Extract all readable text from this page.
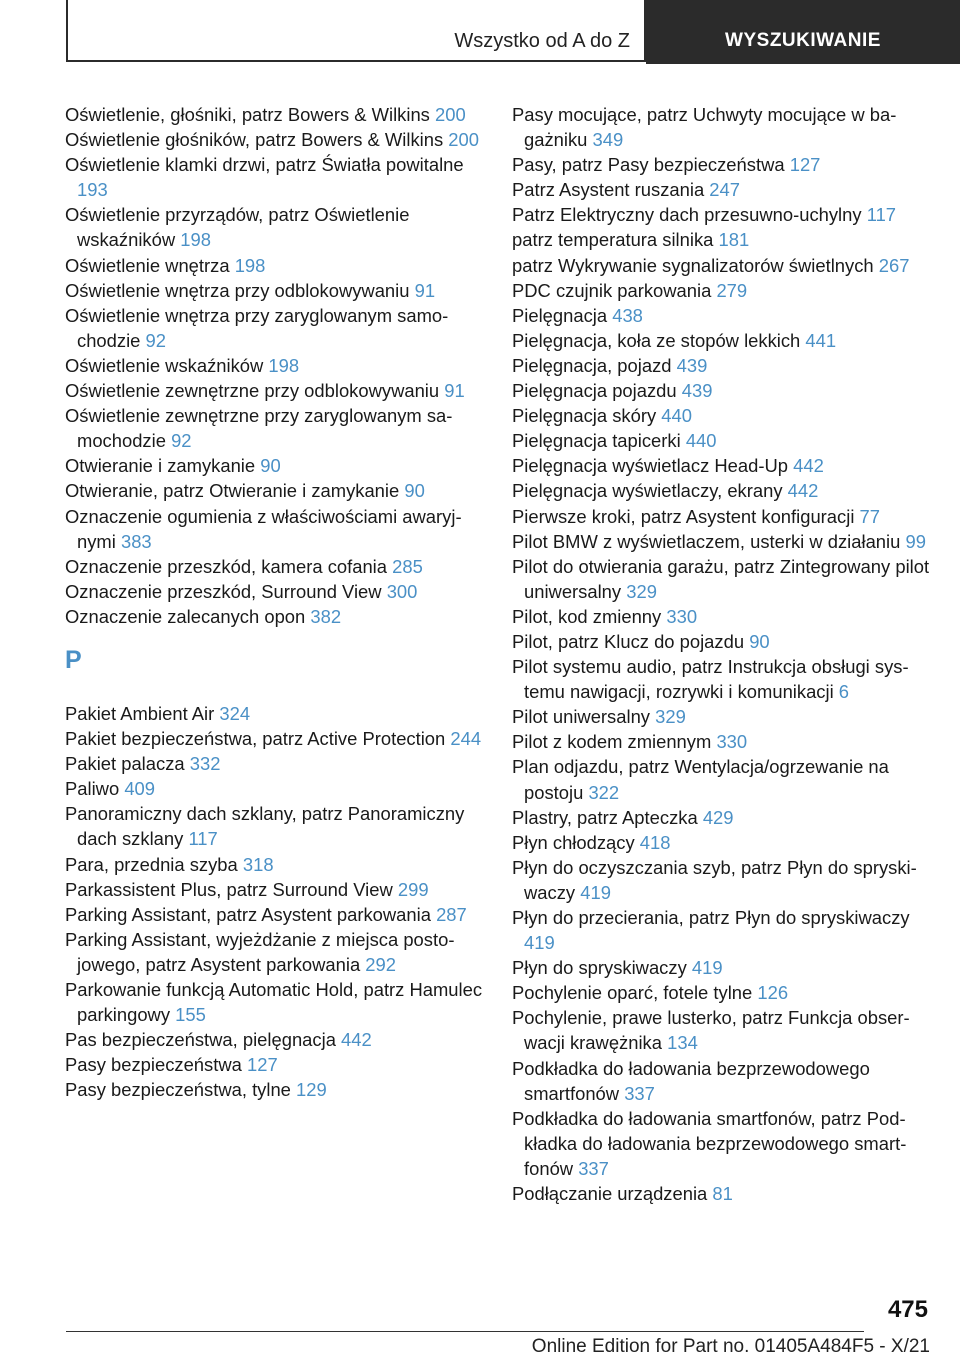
Wszystko od A do Z	WYSZUKIWANIE

Oświetlenie, głośniki, patrz Bowers & Wilkins 200

Oświetlenie głośników, patrz Bowers & Wilkins 200

Oświetlenie klamki drzwi, patrz Światła powitalne 193

Oświetlenie przyrządów, patrz Oświetlenie wskaźników 198

Oświetlenie wnętrza 198

Oświetlenie wnętrza przy odblokowywaniu 91

Oświetlenie wnętrza przy zaryglowanym samochodzie 92

Oświetlenie wskaźników 198

Oświetlenie zewnętrzne przy odblokowywaniu 91

Oświetlenie zewnętrzne przy zaryglowanym samochodzie 92

Otwieranie i zamykanie 90

Otwieranie, patrz Otwieranie i zamykanie 90

Oznaczenie ogumienia z właściwościami awaryjnymi 383

Oznaczenie przeszkód, kamera cofania 285

Oznaczenie przeszkód, Surround View 300

Oznaczenie zalecanych opon 382

P

Pakiet Ambient Air 324

Pakiet bezpieczeństwa, patrz Active Protection 244

Pakiet palacza 332

Paliwo 409

Panoramiczny dach szklany, patrz Panoramiczny dach szklany 117

Para, przednia szyba 318

Parkassistent Plus, patrz Surround View 299

Parking Assistant, patrz Asystent parkowania 287

Parking Assistant, wyjeżdżanie z miejsca postojowego, patrz Asystent parkowania 292

Parkowanie funkcją Automatic Hold, patrz Hamulec parkingowy 155

Pas bezpieczeństwa, pielęgnacja 442

Pasy bezpieczeństwa 127

Pasy bezpieczeństwa, tylne 129

Pasy mocujące, patrz Uchwyty mocujące w bagażniku 349

Pasy, patrz Pasy bezpieczeństwa 127

Patrz Asystent ruszania 247

Patrz Elektryczny dach przesuwno-uchylny 117

patrz temperatura silnika 181

patrz Wykrywanie sygnalizatorów świetlnych 267

PDC czujnik parkowania 279

Pielęgnacja 438

Pielęgnacja, koła ze stopów lekkich 441

Pielęgnacja, pojazd 439

Pielęgnacja pojazdu 439

Pielęgnacja skóry 440

Pielęgnacja tapicerki 440

Pielęgnacja wyświetlacz Head-Up 442

Pielęgnacja wyświetlaczy, ekrany 442

Pierwsze kroki, patrz Asystent konfiguracji 77

Pilot BMW z wyświetlaczem, usterki w działaniu 99

Pilot do otwierania garażu, patrz Zintegrowany pilot uniwersalny 329

Pilot, kod zmienny 330

Pilot, patrz Klucz do pojazdu 90

Pilot systemu audio, patrz Instrukcja obsługi systemu nawigacji, rozrywki i komunikacji 6

Pilot uniwersalny 329

Pilot z kodem zmiennym 330

Plan odjazdu, patrz Wentylacja/ogrzewanie na postoju 322

Plastry, patrz Apteczka 429

Płyn chłodzący 418

Płyn do oczyszczania szyb, patrz Płyn do spryskiwaczy 419

Płyn do przecierania, patrz Płyn do spryskiwaczy 419

Płyn do spryskiwaczy 419

Pochylenie oparć, fotele tylne 126

Pochylenie, prawe lusterko, patrz Funkcja obserwacji krawężnika 134

Podkładka do ładowania bezprzewodowego smartfonów 337

Podkładka do ładowania smartfonów, patrz Podkładka do ładowania bezprzewodowego smartfonów 337

Podłączanie urządzenia 81

475
Online Edition for Part no. 01405A484F5 - X/21
